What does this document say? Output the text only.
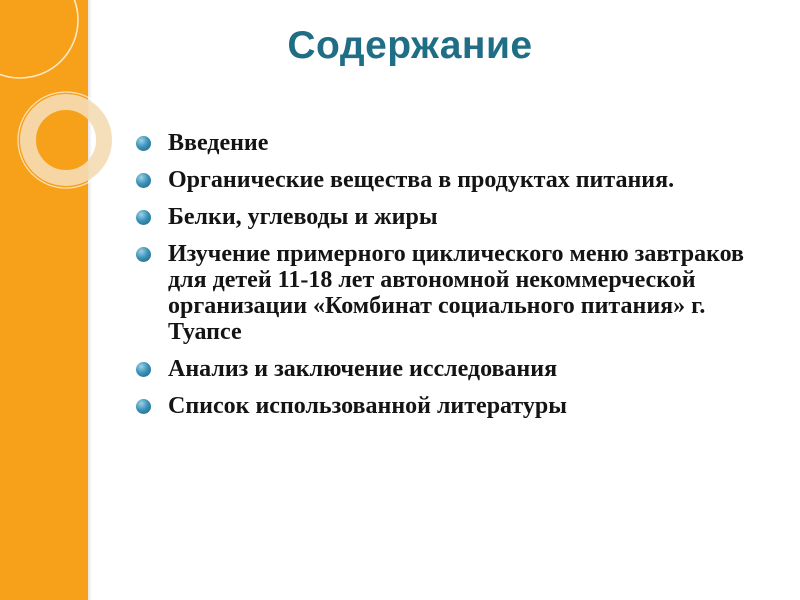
Содержание
Введение
Органические вещества в продуктах питания.
Белки, углеводы и жиры
Изучение примерного циклического меню завтраков для детей 11-18 лет автономной некоммерческой организации «Комбинат социального питания» г. Туапсе
Анализ и заключение исследования
Список использованной литературы
